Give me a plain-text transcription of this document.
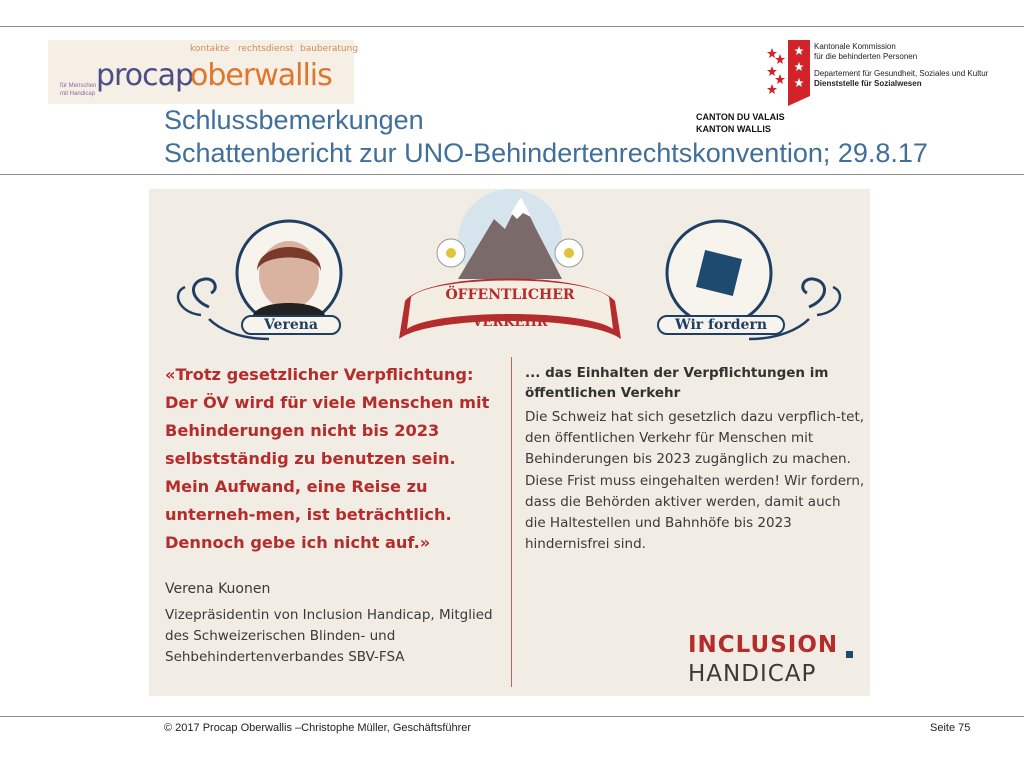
kontakte rechtsdienst bauberatung
procap
oberwallis
für Menschen mit Handicap
Schlussbemerkungen
Schattenbericht zur UNO-Behindertenrechtskonvention; 29.8.17
Kantonale Kommission
für die behinderten Personen
Departement für Gesundheit, Soziales und Kultur
Dienststelle für Sozialwesen
CANTON DU VALAIS
KANTON WALLIS
Verena
ÖFFENTLICHER
VERKEHR	Wir fordern
«Trotz gesetzlicher Verpflichtung: Der ÖV wird für viele Menschen mit Behinderungen nicht bis 2023 selbstständig zu benutzen sein. Mein Aufwand, eine Reise zu unterneh-men, ist beträchtlich. Dennoch gebe ich nicht auf.»
Verena Kuonen
Vizepräsidentin von Inclusion Handicap, Mitglied des Schweizerischen Blinden- und Sehbehindertenverbandes SBV-FSA
... das Einhalten der Verpflichtungen im öffentlichen Verkehr
Die Schweiz hat sich gesetzlich dazu verpflich-tet, den öffentlichen Verkehr für Menschen mit Behinderungen bis 2023 zugänglich zu machen. Diese Frist muss eingehalten werden! Wir fordern, dass die Behörden aktiver werden, damit auch die Haltestellen und Bahnhöfe bis 2023 hindernisfrei sind.
INCLUSION
HANDICAP
© 2017 Procap Oberwallis –Christophe Müller, Geschäftsführer	Seite 75
